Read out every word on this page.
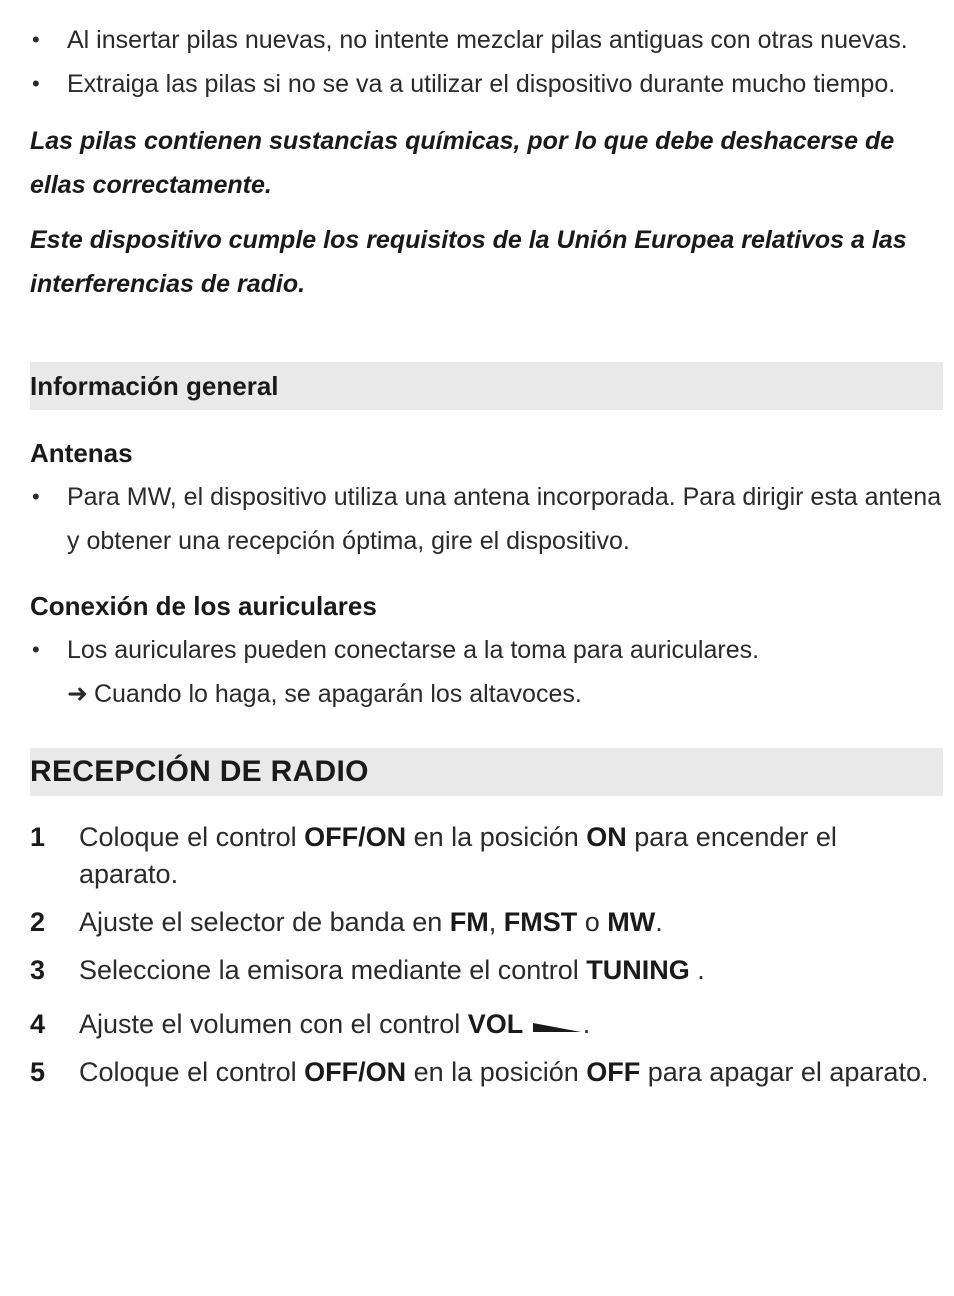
• Al insertar pilas nuevas, no intente mezclar pilas antiguas con otras nuevas.
• Extraiga las pilas si no se va a utilizar el dispositivo durante mucho tiempo.

Las pilas contienen sustancias químicas, por lo que debe deshacerse de ellas correctamente.

Este dispositivo cumple los requisitos de la Unión Europea relativos a las interferencias de radio.

Información general
Antenas
• Para MW, el dispositivo utiliza una antena incorporada. Para dirigir esta antena y obtener una recepción óptima, gire el dispositivo.
Conexión de los auriculares
• Los auriculares pueden conectarse a la toma para auriculares.
➜ Cuando lo haga, se apagarán los altavoces.
RECEPCIÓN DE RADIO
1 Coloque el control OFF/ON en la posición ON para encender el aparato.
2 Ajuste el selector de banda en FM, FMST o MW.
3 Seleccione la emisora mediante el control TUNING .
4 Ajuste el volumen con el control VOL .
5 Coloque el control OFF/ON en la posición OFF para apagar el aparato.
